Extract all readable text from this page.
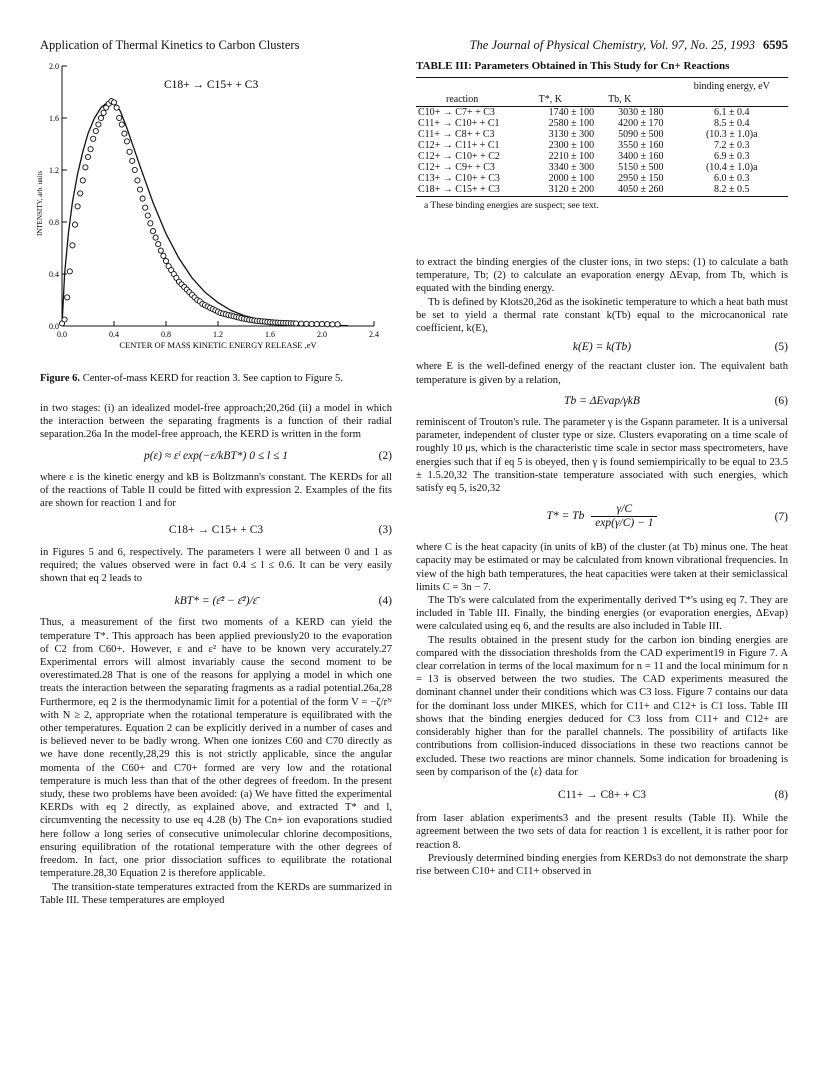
Application of Thermal Kinetics to Carbon Clusters	The Journal of Physical Chemistry, Vol. 97, No. 25, 1993 6595
0.0	0.4	0.8	1.2	1.6	2.0	2.4
0.0
0.4
0.8
1.2
1.6
2.0
C18+ → C15+ + C3
INTENSITY, arb. units
CENTER OF MASS KINETIC ENERGY RELEASE ,eV
Figure 6. Center-of-mass KERD for reaction 3. See caption to Figure 5.

in two stages: (i) an idealized model-free approach;20,26d (ii) a model in which the interaction between the separating fragments is a function of their radial separation.26a In the model-free approach, the KERD is written in the form

p(ε) ≈ εˡ exp(−ε/kBT*) 0 ≤ l ≤ 1	(2)

where ε is the kinetic energy and kB is Boltzmann's constant. The KERDs for all of the reactions of Table II could be fitted with expression 2. Examples of the fits are shown for reaction 1 and for

C18+ → C15+ + C3	(3)

in Figures 5 and 6, respectively. The parameters l were all between 0 and 1 as required; the values observed were in fact 0.4 ≤ l ≤ 0.6. It can be very easily shown that eq 2 leads to

kBT* = (ε̄² − ε̄²)/ε̄	(4)

Thus, a measurement of the first two moments of a KERD can yield the temperature T*. This approach has been applied previously20 to the evaporation of C2 from C60+. However, ε and ε² have to be known very accurately.27 Experimental errors will almost invariably cause the second moment to be overestimated.28 That is one of the reasons for applying a model in which one treats the interaction between the separating fragments as a radial potential.26a,28 Furthermore, eq 2 is the thermodynamic limit for a potential of the form V = −ζ/rᴺ with N ≥ 2, appropriate when the rotational temperature is equilibrated with the other temperatures. Equation 2 can be explicitly derived in a number of cases and is believed never to be badly wrong. When one ionizes C60 and C70 directly as we have done recently,28,29 this is not strictly applicable, since the angular momenta of the C60+ and C70+ formed are very low and the rotational temperature is much less than that of the other degrees of freedom. In the present study, these two problems have been avoided: (a) We have fitted the experimental KERDs with eq 2 directly, as explained above, and extracted T* and l, circumventing the necessity to use eq 4.28 (b) The Cn+ ion evaporations studied here follow a long series of consecutive unimolecular chlorine decompositions, ensuring equilibration of the rotational temperature with the other degrees of freedom. In fact, one prior dissociation suffices to equilibrate the rotational temperature.28,30 Equation 2 is therefore applicable.

The transition-state temperatures extracted from the KERDs are summarized in Table III. These temperatures are employed

TABLE III: Parameters Obtained in This Study for Cn+ Reactions
			binding energy, eV
reaction	T*, K	Tb, K	
C10+ → C7+ + C3	1740 ± 100	3030 ± 180	6.1 ± 0.4
C11+ → C10+ + C1	2580 ± 100	4200 ± 170	8.5 ± 0.4
C11+ → C8+ + C3	3130 ± 300	5090 ± 500	(10.3 ± 1.0)a
C12+ → C11+ + C1	2300 ± 100	3550 ± 160	7.2 ± 0.3
C12+ → C10+ + C2	2210 ± 100	3400 ± 160	6.9 ± 0.3
C12+ → C9+ + C3	3340 ± 300	5150 ± 500	(10.4 ± 1.0)a
C13+ → C10+ + C3	2000 ± 100	2950 ± 150	6.0 ± 0.3
C18+ → C15+ + C3	3120 ± 200	4050 ± 260	8.2 ± 0.5
a These binding energies are suspect; see text.

to extract the binding energies of the cluster ions, in two steps: (1) to calculate a bath temperature, Tb; (2) to calculate an evaporation energy ΔEvap, from Tb, which is equated with the binding energy.

Tb is defined by Klots20,26d as the isokinetic temperature to which a heat bath must be set to yield a thermal rate constant k(Tb) equal to the microcanonical rate coefficient, k(E),

k(E) = k(Tb)	(5)

where E is the well-defined energy of the reactant cluster ion. The equivalent bath temperature is given by a relation,

Tb = ΔEvap/γkB	(6)

reminiscent of Trouton's rule. The parameter γ is the Gspann parameter. It is a universal parameter, independent of cluster type or size. Clusters evaporating on a time scale of roughly 10 μs, which is the characteristic time scale in sector mass spectrometers, have energies such that if eq 5 is obeyed, then γ is found semiempirically to be equal to 23.5 ± 1.5.20,32 The transition-state temperature associated with such energies, which satisfy eq 5, is20,32

T* = Tb $\frac{\gamma/C}{\exp(\gamma/C) - 1}$	(7)

where C is the heat capacity (in units of kB) of the cluster (at Tb) minus one. The heat capacity may be estimated or may be calculated from known vibrational frequencies. In view of the high bath temperatures, the heat capacities were taken at their semiclassical limits C = 3n − 7.

The Tb's were calculated from the experimentally derived T*'s using eq 7. They are included in Table III. Finally, the binding energies (or evaporation energies, ΔEvap) were calculated using eq 6, and the results are also included in Table III.

The results obtained in the present study for the carbon ion binding energies are compared with the dissociation thresholds from the CAD experiment19 in Figure 7. A clear correlation in terms of the local maximum for n = 11 and the local minimum for n = 13 is observed between the two studies. The CAD experiments measured the dominant channel under their conditions which was C3 loss. Figure 7 contains our data for the dominant loss under MIKES, which for C11+ and C12+ is C1 loss. Table III shows that the binding energies deduced for C3 loss from C11+ and C12+ are considerably higher than for the parallel channels. The possibility of artifacts like contributions from collision-induced dissociations in these two reactions cannot be excluded. These two reactions are minor channels. Some indication for broadening is seen by comparison of the ⟨ε⟩ data for

C11+ → C8+ + C3	(8)

from laser ablation experiments3 and the present results (Table II). While the agreement between the two sets of data for reaction 1 is excellent, it is rather poor for reaction 8.

Previously determined binding energies from KERDs3 do not demonstrate the sharp rise between C10+ and C11+ observed in
